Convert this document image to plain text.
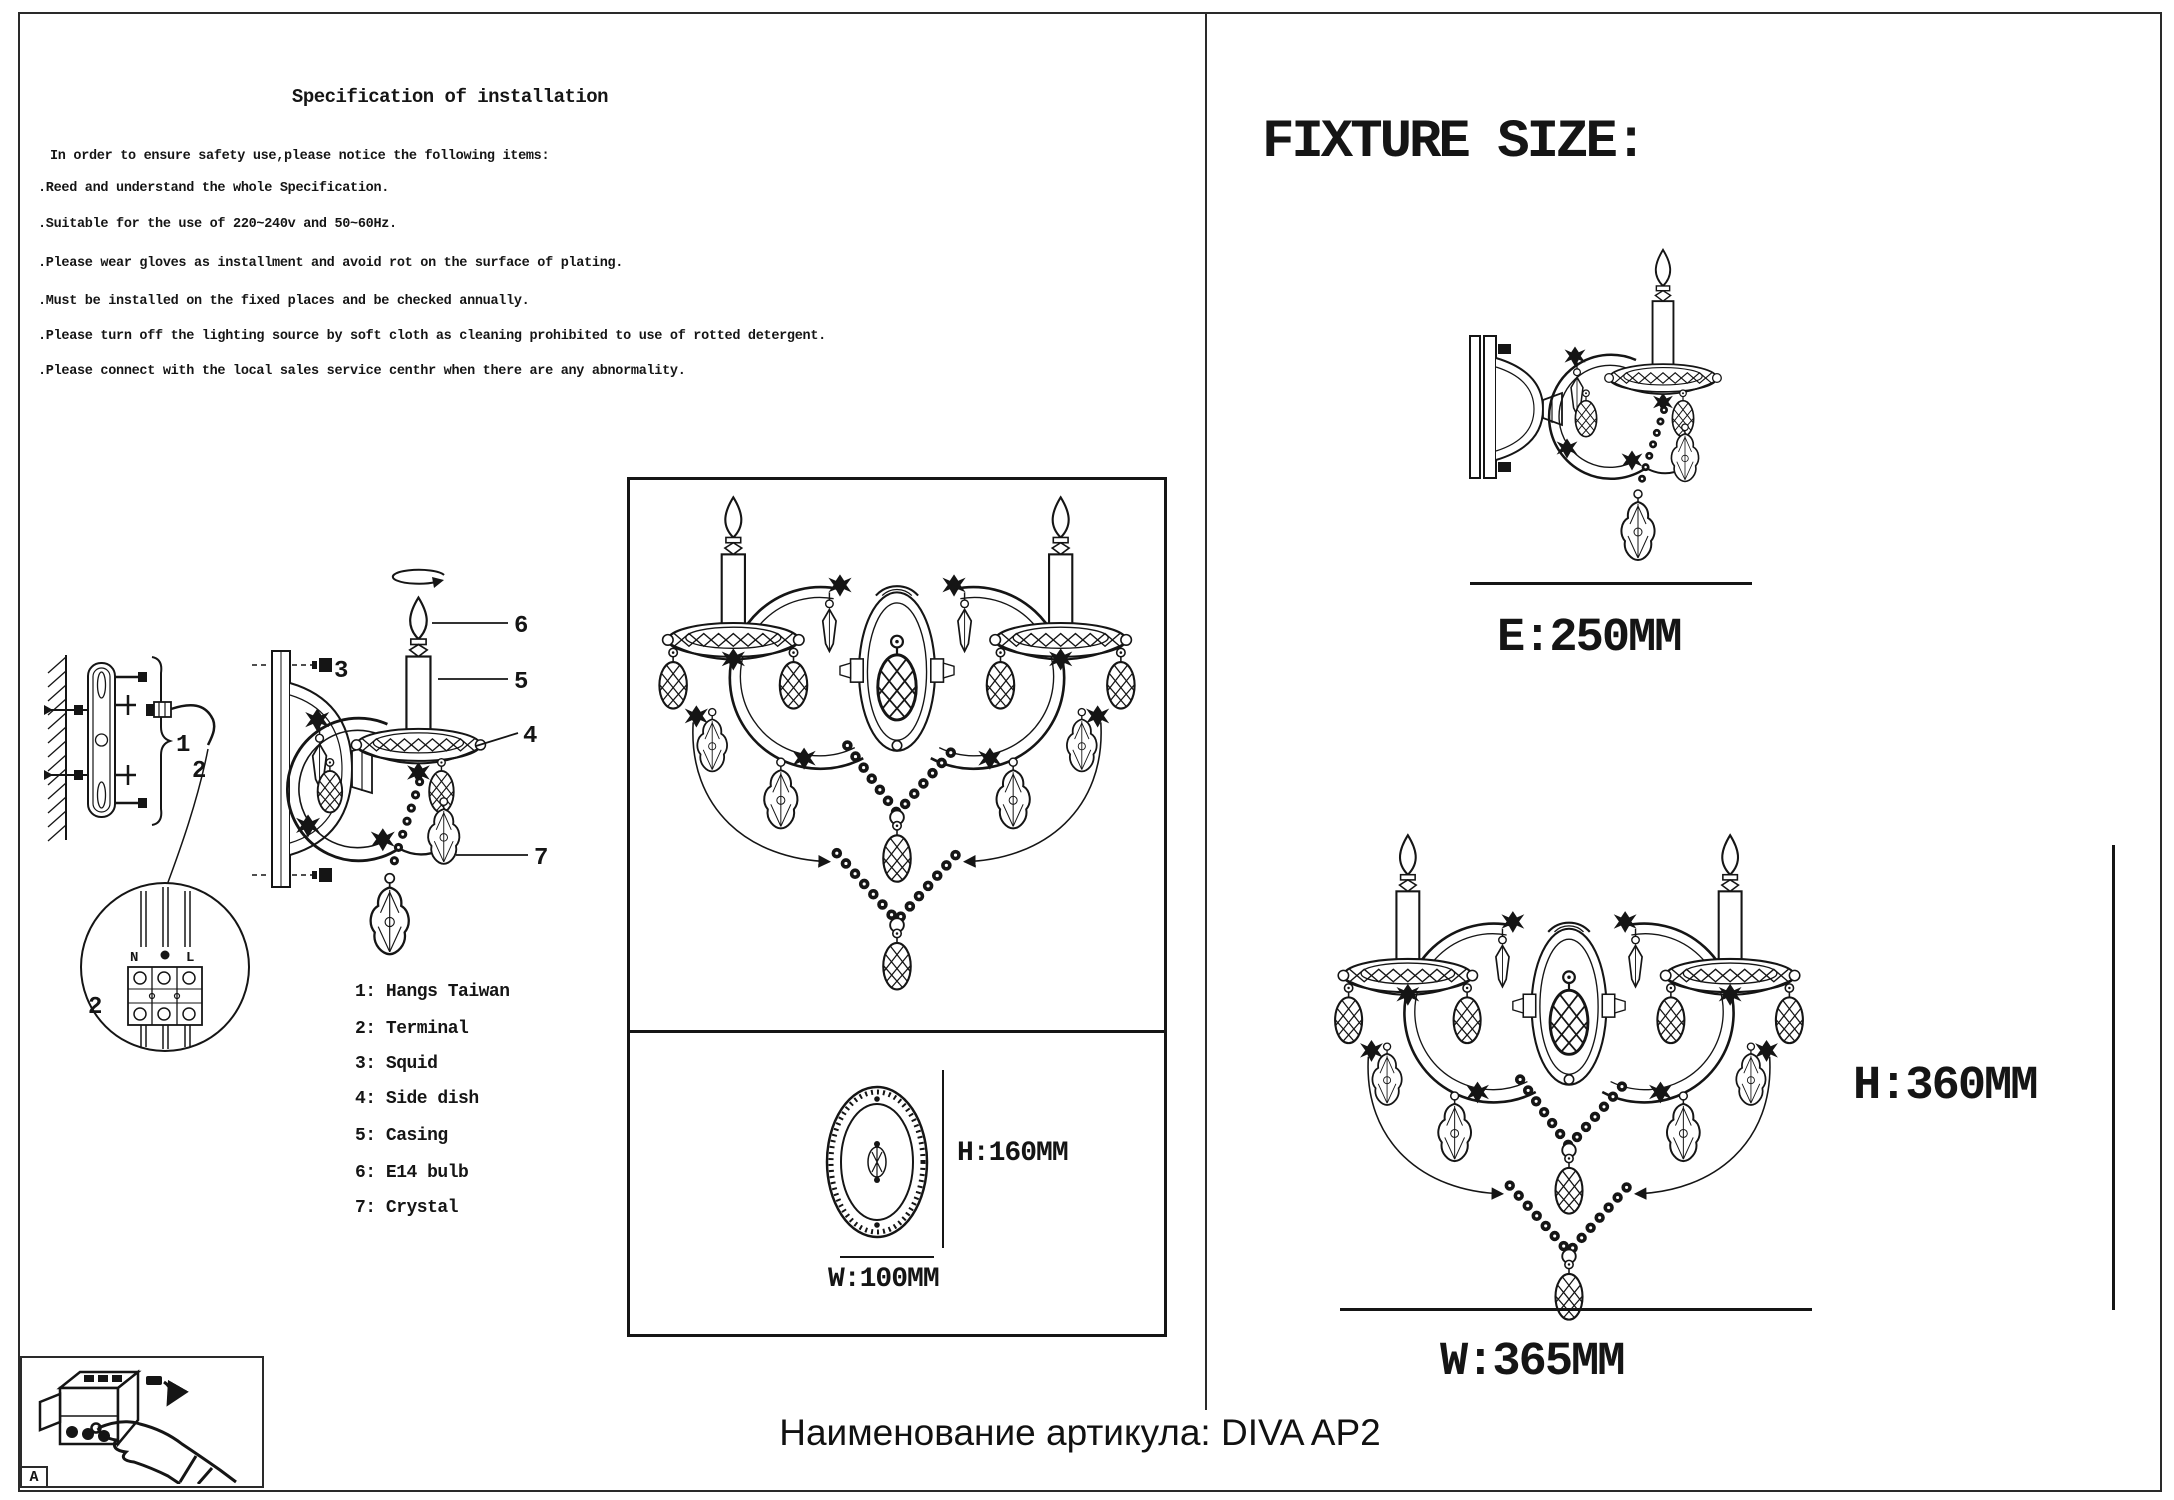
Specification of installation
In order to ensure safety use,please notice the following items:
.Reed and understand the whole Specification.
.Suitable for the use of 220~240v and 50~60Hz.
.Please wear gloves as installment and avoid rot on the surface of plating.
.Must be installed on the fixed places and be checked annually.
.Please turn off the lighting source by soft cloth as cleaning prohibited to use of rotted detergent.
.Please connect with the local sales service centhr when there are any abnormality.
1
2
N	L
2
3
6
5
4
7
1: Hangs Taiwan
2: Terminal
3: Squid
4: Side dish
5: Casing
6: E14 bulb
7: Crystal
H:160MM
W:100MM
FIXTURE SIZE:
E:250MM
H:360MM
W:365MM
Наименование артикула: DIVA AP2
A
